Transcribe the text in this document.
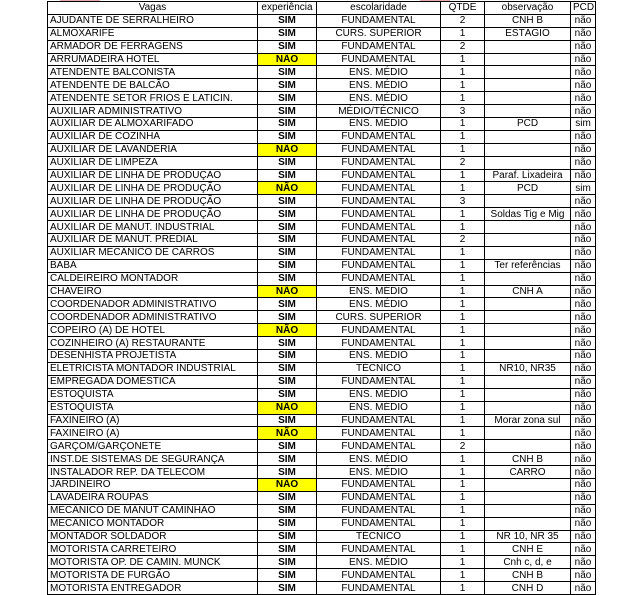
Vagas	experiência	escolaridade	QTDE	observação	PCD
AJUDANTE DE SERRALHEIRO	SIM	FUNDAMENTAL	2	CNH B	não
ALMOXARIFE	SIM	CURS. SUPERIOR	1	ESTÁGIO	não
ARMADOR DE FERRAGENS	SIM	FUNDAMENTAL	2		não
ARRUMADEIRA HOTEL	NÃO	FUNDAMENTAL	1		não
ATENDENTE BALCONISTA	SIM	ENS. MÉDIO	1		não
ATENDENTE DE BALCÃO	SIM	ENS. MÉDIO	1		não
ATENDENTE SETOR FRIOS E LATICIN.	SIM	ENS. MÉDIO	1		não
AUXILIAR ADMINISTRATIVO	SIM	MÉDIO/TÉCNICO	3		não
AUXILIAR DE ALMOXARIFADO	SIM	ENS. MÉDIO	1	PCD	sim
AUXILIAR DE COZINHA	SIM	FUNDAMENTAL	1		não
AUXILIAR DE LAVANDERIA	NÃO	FUNDAMENTAL	1		não
AUXILIAR DE LIMPEZA	SIM	FUNDAMENTAL	2		não
AUXILIAR DE LINHA DE PRODUÇÃO	SIM	FUNDAMENTAL	1	Paraf. Lixadeira	não
AUXILIAR DE LINHA DE PRODUÇÃO	NÃO	FUNDAMENTAL	1	PCD	sim
AUXILIAR DE LINHA DE PRODUÇÃO	SIM	FUNDAMENTAL	3		não
AUXILIAR DE LINHA DE PRODUÇÃO	SIM	FUNDAMENTAL	1	Soldas Tig e Mig	não
AUXILIAR DE MANUT. INDUSTRIAL	SIM	FUNDAMENTAL	1		não
AUXILIAR DE MANUT. PREDIAL	SIM	FUNDAMENTAL	2		não
AUXILIAR MECÂNICO DE CARROS	SIM	FUNDAMENTAL	1		não
BABÁ	SIM	FUNDAMENTAL	1	Ter referências	não
CALDEIREIRO MONTADOR	SIM	FUNDAMENTAL	1		não
CHAVEIRO	NÃO	ENS. MÉDIO	1	CNH A	não
COORDENADOR ADMINISTRATIVO	SIM	ENS. MÉDIO	1		não
COORDENADOR ADMINISTRATIVO	SIM	CURS. SUPERIOR	1		não
COPEIRO (A) DE HOTEL	NÃO	FUNDAMENTAL	1		não
COZINHEIRO (A) RESTAURANTE	SIM	FUNDAMENTAL	1		não
DESENHISTA PROJETISTA	SIM	ENS. MÉDIO	1		não
ELETRICISTA MONTADOR INDUSTRIAL	SIM	TÉCNICO	1	NR10, NR35	não
EMPREGADA DOMÉSTICA	SIM	FUNDAMENTAL	1		não
ESTOQUISTA	SIM	ENS. MÉDIO	1		não
ESTOQUISTA	NÃO	ENS. MÉDIO	1		não
FAXINEIRO (A)	SIM	FUNDAMENTAL	1	Morar zona sul	não
FAXINEIRO (A)	NÃO	FUNDAMENTAL	1		não
GARÇOM/GARÇONETE	SIM	FUNDAMENTAL	2		não
INST.DE SISTEMAS DE SEGURANÇA	SIM	ENS. MÉDIO	1	CNH B	não
INSTALADOR REP. DA TELECOM	SIM	ENS. MÉDIO	1	CARRO	não
JARDINEIRO	NÃO	FUNDAMENTAL	1		não
LAVADEIRA ROUPAS	SIM	FUNDAMENTAL	1		não
MECÂNICO DE MANUT CAMINHÃO	SIM	FUNDAMENTAL	1		não
MECÂNICO MONTADOR	SIM	FUNDAMENTAL	1		não
MONTADOR SOLDADOR	SIM	TÉCNICO	1	NR 10, NR 35	não
MOTORISTA CARRETEIRO	SIM	FUNDAMENTAL	1	CNH E	não
MOTORISTA OP. DE CAMIN. MUNCK	SIM	ENS. MÉDIO	1	Cnh c, d, e	não
MOTORISTA DE FURGÃO	SIM	FUNDAMENTAL	1	CNH B	não
MOTORISTA ENTREGADOR	SIM	FUNDAMENTAL	1	CNH D	não
